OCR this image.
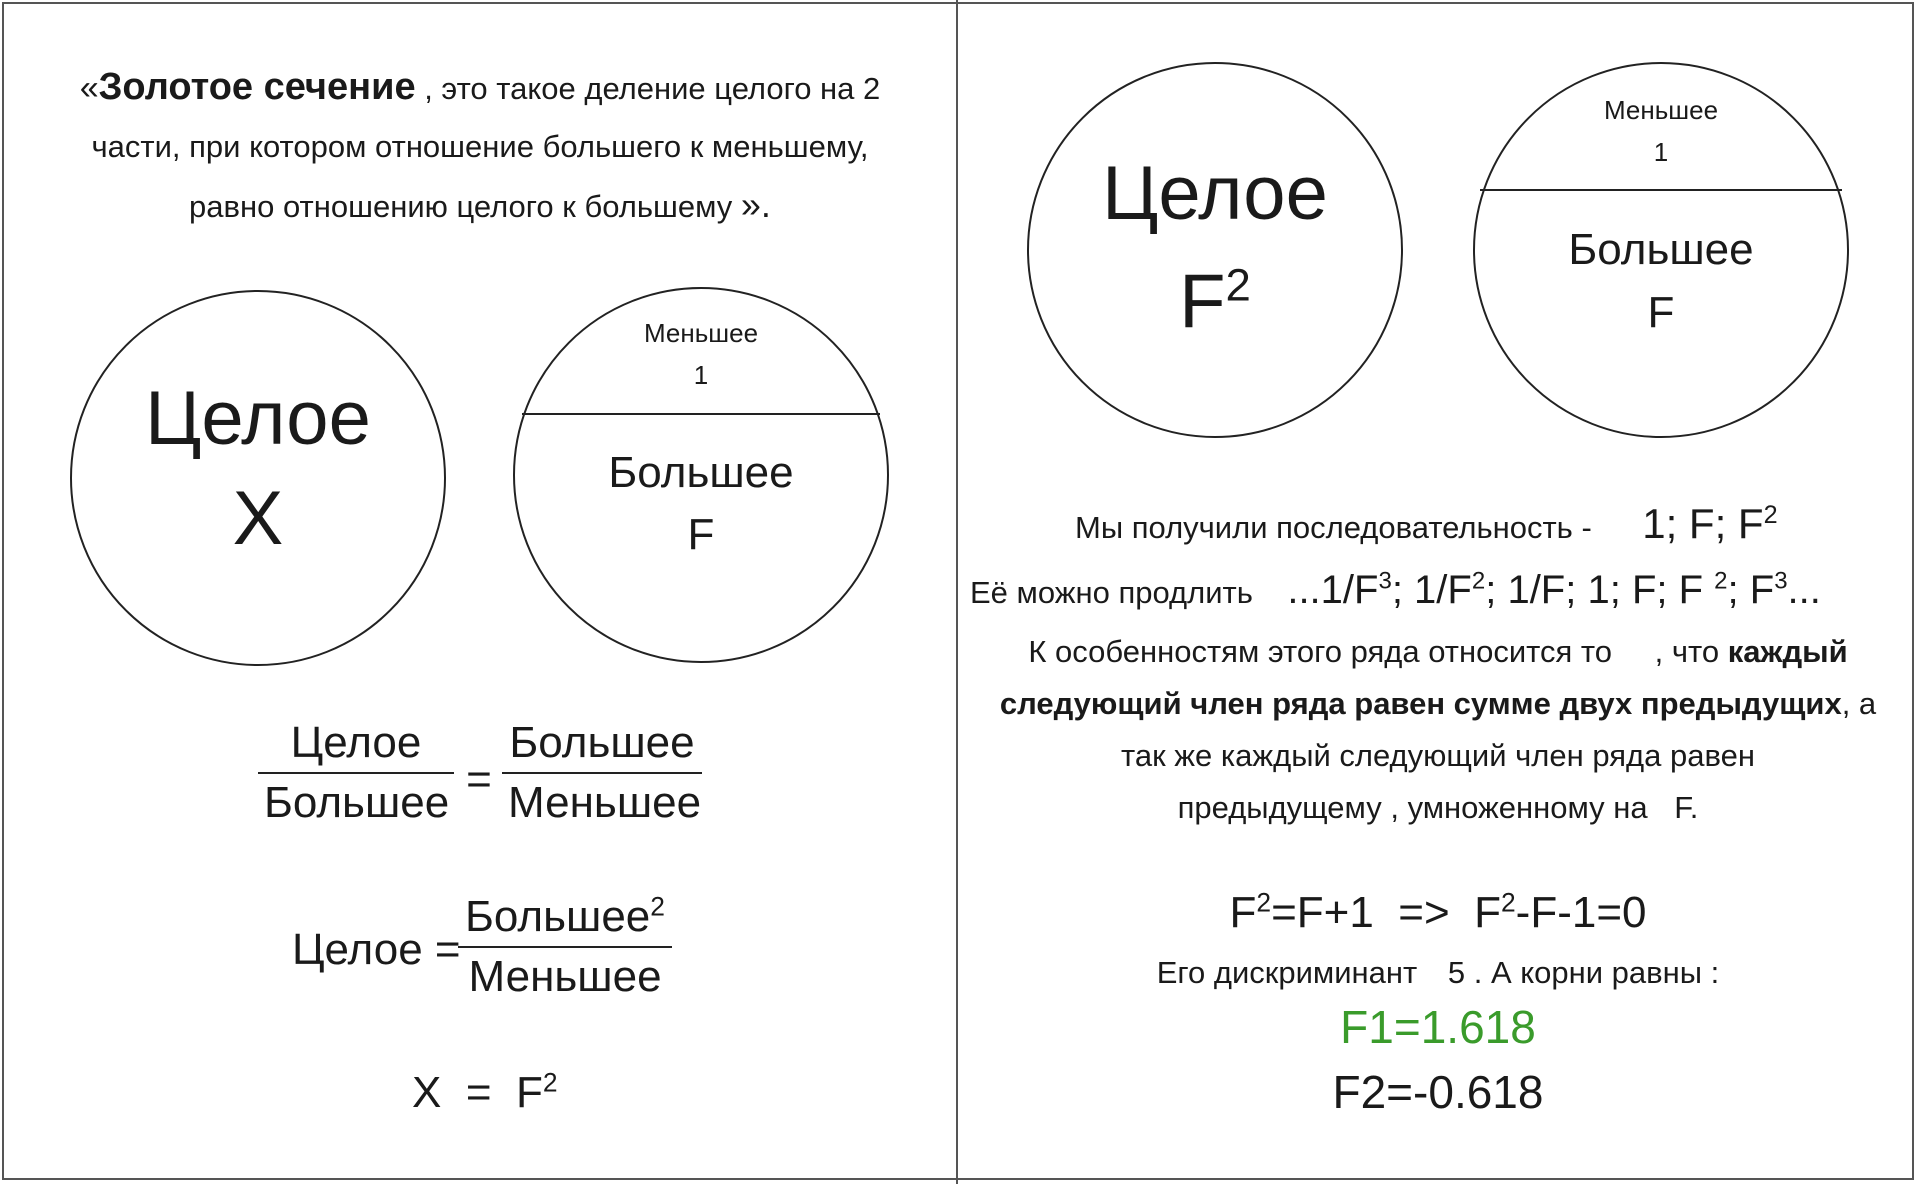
«Золотое сечение , это такое деление целого на 2
части, при котором отношение большего к меньшему,
равно отношению целого к большему ».
Целое
X
Меньшее
1
Большее
F
Целое
Большее =
Большее
Меньшее
Целое =
Большее$^2$
Меньшее
$X = F^2$
Целое
$F^2$
Меньшее
1
Большее
F
Мы получили последовательность - 1; F; $F^2$
Её можно продлить $...1/F^3$; $1/F^2$; 1/F; 1; F; F $^2$; $F^3$...
К особенностям этого ряда относится то , что каждый
следующий член ряда равен сумме двух предыдущих, а
так же каждый следующий член ряда равен
предыдущему , умноженному на F.
$F^2=F+1 => F^2-F-1=0$
Его дискриминант 5 . А корни равны :
F1=1.618
F2=-0.618
